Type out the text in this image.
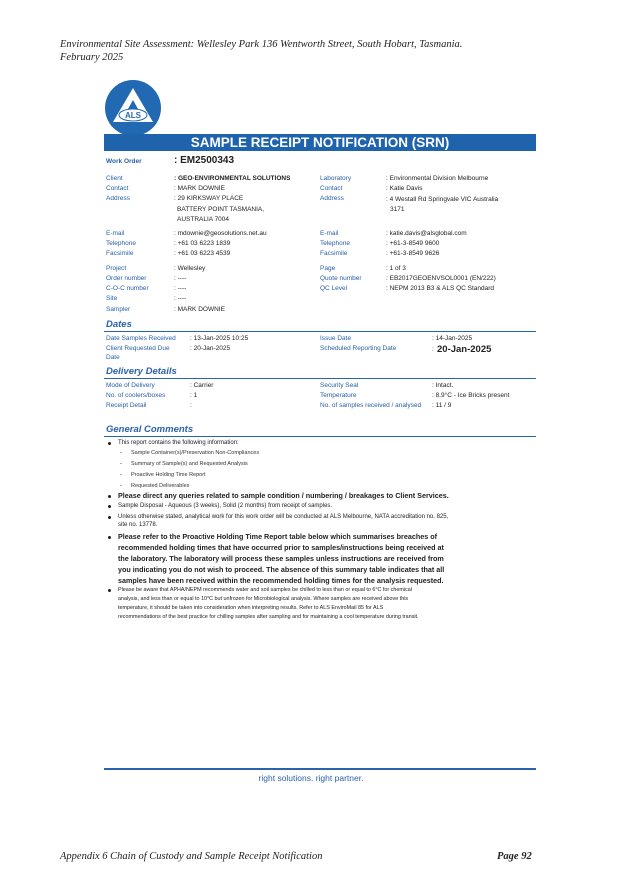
Environmental Site Assessment: Wellesley Park 136 Wentworth Street, South Hobart, Tasmania.
February 2025
ALS
SAMPLE RECEIPT NOTIFICATION (SRN)
Work Order	: EM2500343
Client	: GEO-ENVIRONMENTAL SOLUTIONS
Contact	: MARK DOWNIE
Address	: 29 KIRKSWAY PLACE
BATTERY POINT TASMANIA,
AUSTRALIA 7004
E-mail	: mdownie@geosolutions.net.au
Telephone	: +61 03 6223 1839
Facsimile	: +61 03 6223 4539
Project	: Wellesley
Order number	: ----
C-O-C number	: ----
Site	: ----
Sampler	: MARK DOWNIE
Laboratory	: Environmental Division Melbourne
Contact	: Katie Davis
Address	: 4 Westall Rd Springvale VIC Australia
3171
E-mail	: katie.davis@alsglobal.com
Telephone	: +61-3-8549 9600
Facsimile	: +61-3-8549 9626
Page	: 1 of 3
Quote number	: EB2017GEOENVSOL0001 (EN/222)
QC Level	: NEPM 2013 B3 & ALS QC Standard
Dates
Date Samples Received : 13-Jan-2025 10:25
Client Requested Due	: 20-Jan-2025
Date
Issue Date	: 14-Jan-2025
Scheduled Reporting Date	: 20-Jan-2025
Delivery Details
Mode of Delivery	: Carrier
No. of coolers/boxes	: 1
Receipt Detail	:
Security Seal	: Intact.
Temperature	: 8.9°C - Ice Bricks present
No. of samples received / analysed : 11 / 9
General Comments
This report contains the following information:
- Sample Container(s)/Preservation Non-Compliances
- Summary of Sample(s) and Requested Analysis
- Proactive Holding Time Report
- Requested Deliverables
Please direct any queries related to sample condition / numbering / breakages to Client Services.
Sample Disposal - Aqueous (3 weeks), Solid (2 months) from receipt of samples.
Unless otherwise stated, analytical work for this work order will be conducted at ALS Melbourne, NATA accreditation no. 825,
site no. 13778.
Please refer to the Proactive Holding Time Report table below which summarises breaches of
recommended holding times that have occurred prior to samples/instructions being received at
the laboratory. The laboratory will process these samples unless instructions are received from
you indicating you do not wish to proceed. The absence of this summary table indicates that all
samples have been received within the recommended holding times for the analysis requested.
Please be aware that APHA/NEPM recommends water and soil samples be chilled to less than or equal to 6°C for chemical
analysis, and less than or equal to 10°C but unfrozen for Microbiological analysis. Where samples are received above this
temperature, it should be taken into consideration when interpreting results. Refer to ALS EnviroMail 85 for ALS
recommendations of the best practice for chilling samples after sampling and for maintaining a cool temperature during transit.
right solutions. right partner.
Appendix 6 Chain of Custody and Sample Receipt Notification	Page 92
